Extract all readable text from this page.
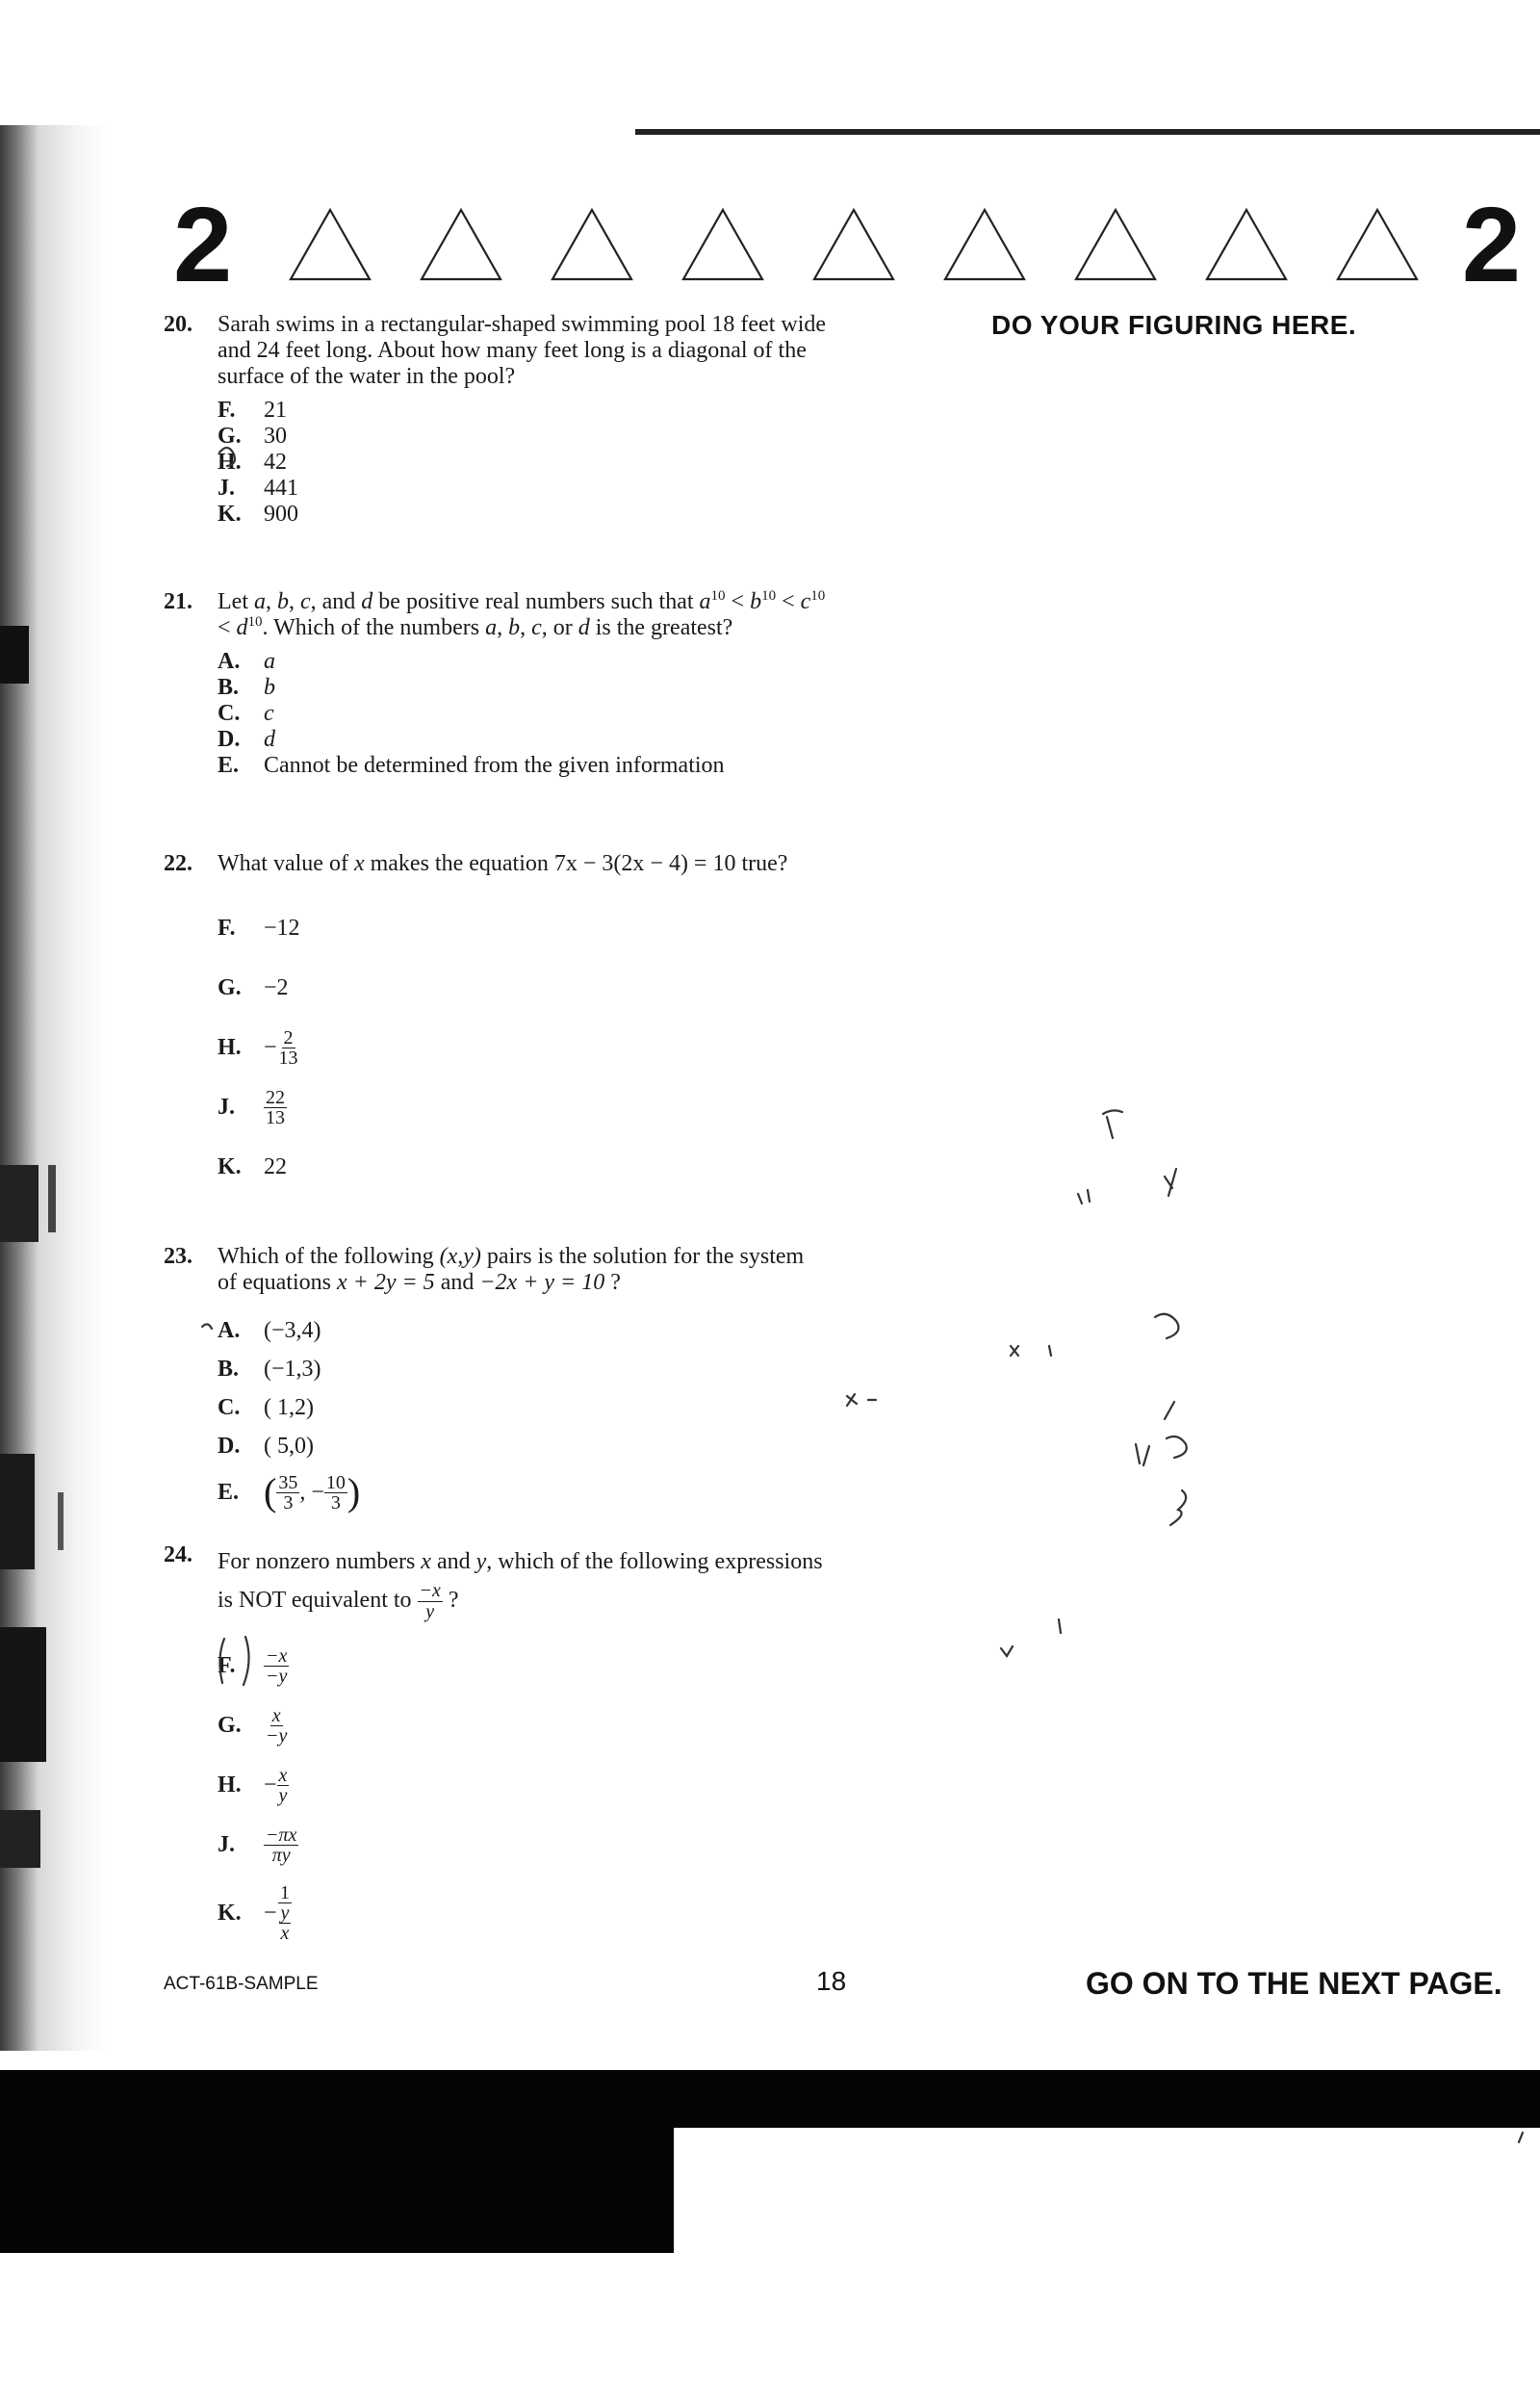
2	2
DO YOUR FIGURING HERE.
20. Sarah swims in a rectangular-shaped swimming pool 18 feet wide and 24 feet long. About how many feet long is a diagonal of the surface of the water in the pool?
F.	21
G. 30
H. 42
J.	441
K. 900
21. Let a, b, c, and d be positive real numbers such that $a^{10} < b^{10} < c^{10} < d^{10}$. Which of the numbers a, b, c, or d is the greatest?
A.	a
B.	b
C.	c
D.	d
E.	Cannot be determined from the given information
22. What value of x makes the equation 7x − 3(2x − 4) = 10 true?
F.	−12
G. −2
H. − $\frac{2}{13}$
J.	$\frac{22}{13}$
K. 22
23. Which of the following (x,y) pairs is the solution for the system of equations x + 2y = 5 and −2x + y = 10 ?
A.	(−3,4)
B.	(−1,3)
C.	( 1,2)
D.	( 5,0)
E. ( $\frac{35}{3}$ , − $\frac{10}{3}$ )
24. For nonzero numbers x and y, which of the following expressions is NOT equivalent to $\frac{-x}{y}$ ?
F.	$\frac{-x}{-y}$
G.	$\frac{x}{-y}$
H. − $\frac{x}{y}$
J.	$\frac{-\pi x}{\pi y}$
K. − $\frac{1}{\frac{y}{x}}$
ACT-61B-SAMPLE	18	GO ON TO THE NEXT PAGE.
